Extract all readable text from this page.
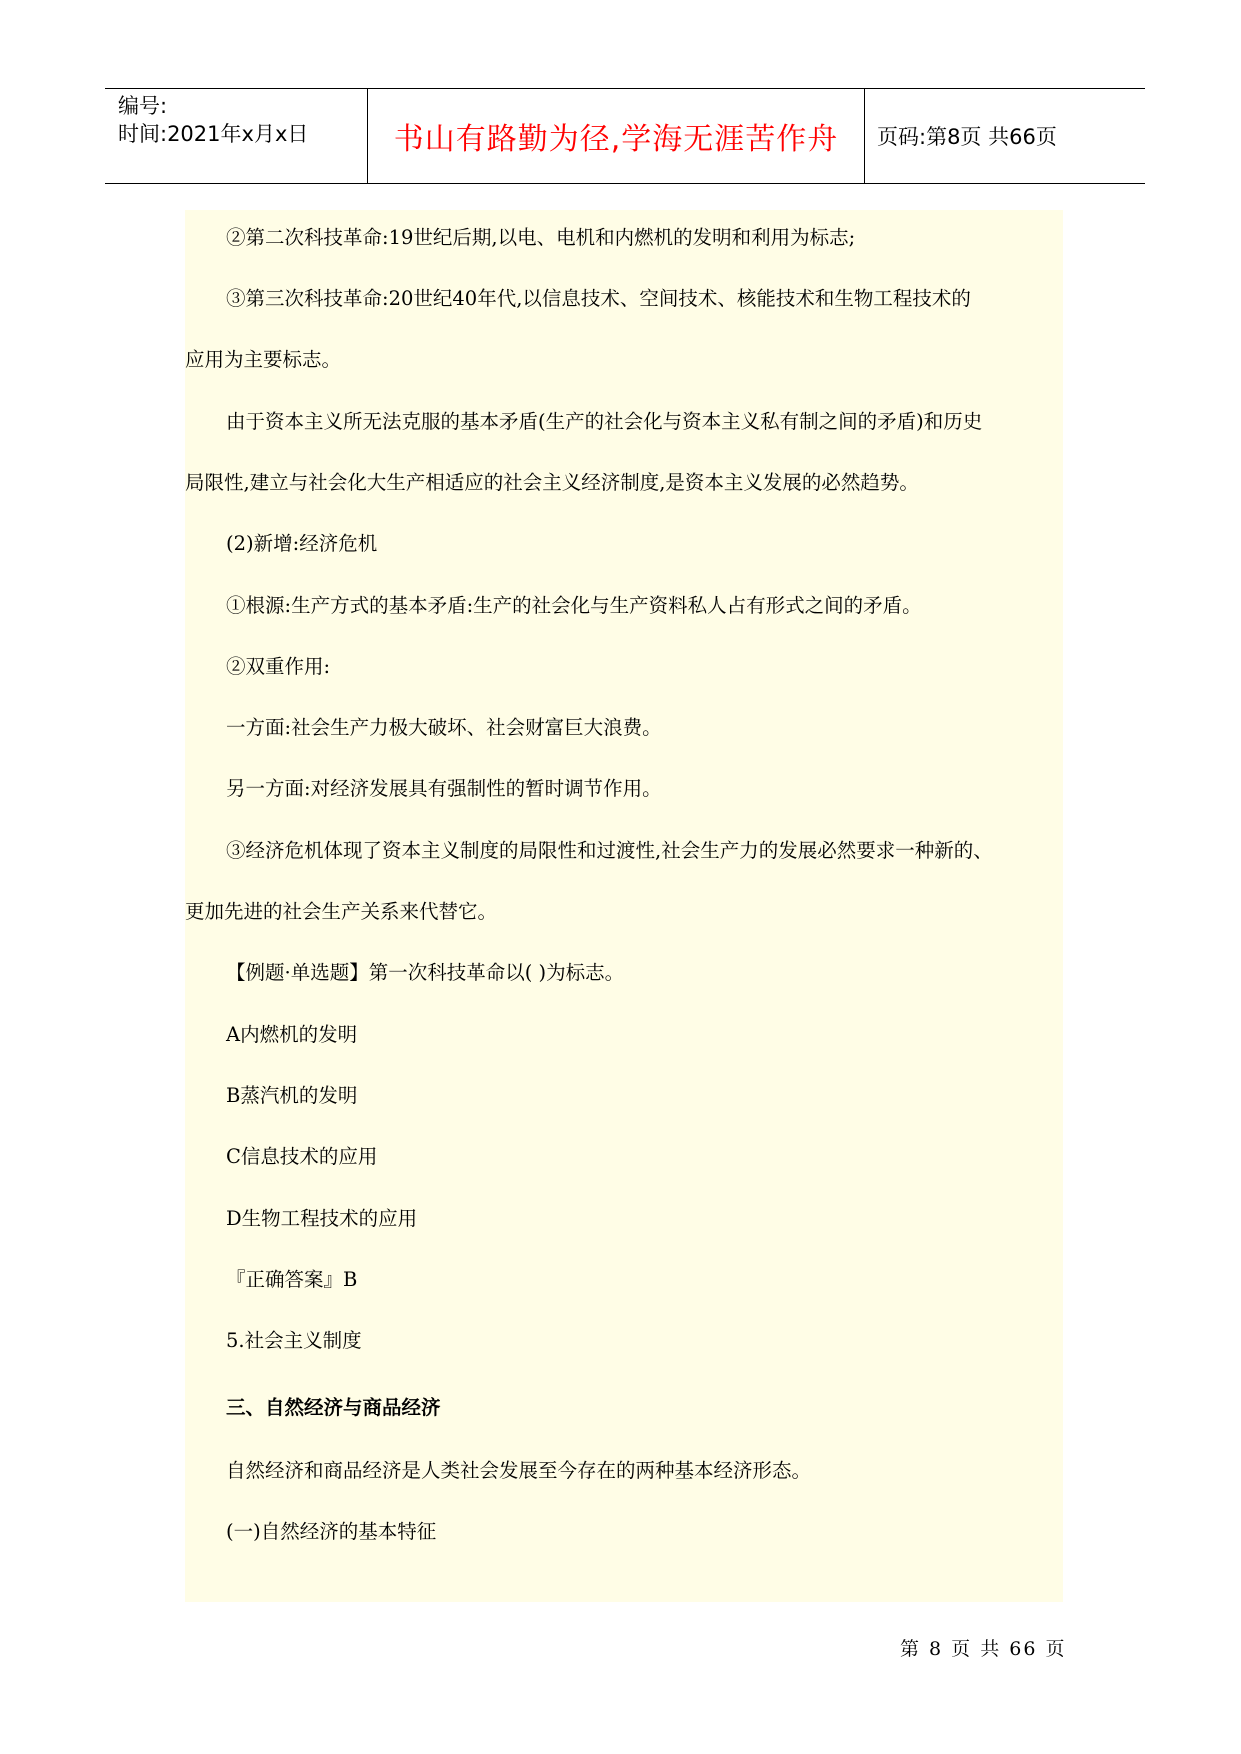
编号:
时间:2021年x月x日	书山有路勤为径,学海无涯苦作舟 页码:第8页 共66页
②第二次科技革命:19世纪后期,以电、电机和内燃机的发明和利用为标志;
③第三次科技革命:20世纪40年代,以信息技术、空间技术、核能技术和生物工程技术的
应用为主要标志。
由于资本主义所无法克服的基本矛盾(生产的社会化与资本主义私有制之间的矛盾)和历史
局限性,建立与社会化大生产相适应的社会主义经济制度,是资本主义发展的必然趋势。
(2)新增:经济危机
①根源:生产方式的基本矛盾:生产的社会化与生产资料私人占有形式之间的矛盾。
②双重作用:
一方面:社会生产力极大破坏、社会财富巨大浪费。
另一方面:对经济发展具有强制性的暂时调节作用。
③经济危机体现了资本主义制度的局限性和过渡性,社会生产力的发展必然要求一种新的、
更加先进的社会生产关系来代替它。
【例题·单选题】第一次科技革命以( )为标志。
A内燃机的发明
B蒸汽机的发明
C信息技术的应用
D生物工程技术的应用
『正确答案』B
5.社会主义制度
三、自然经济与商品经济
自然经济和商品经济是人类社会发展至今存在的两种基本经济形态。
(一)自然经济的基本特征
第 8 页 共 66 页
